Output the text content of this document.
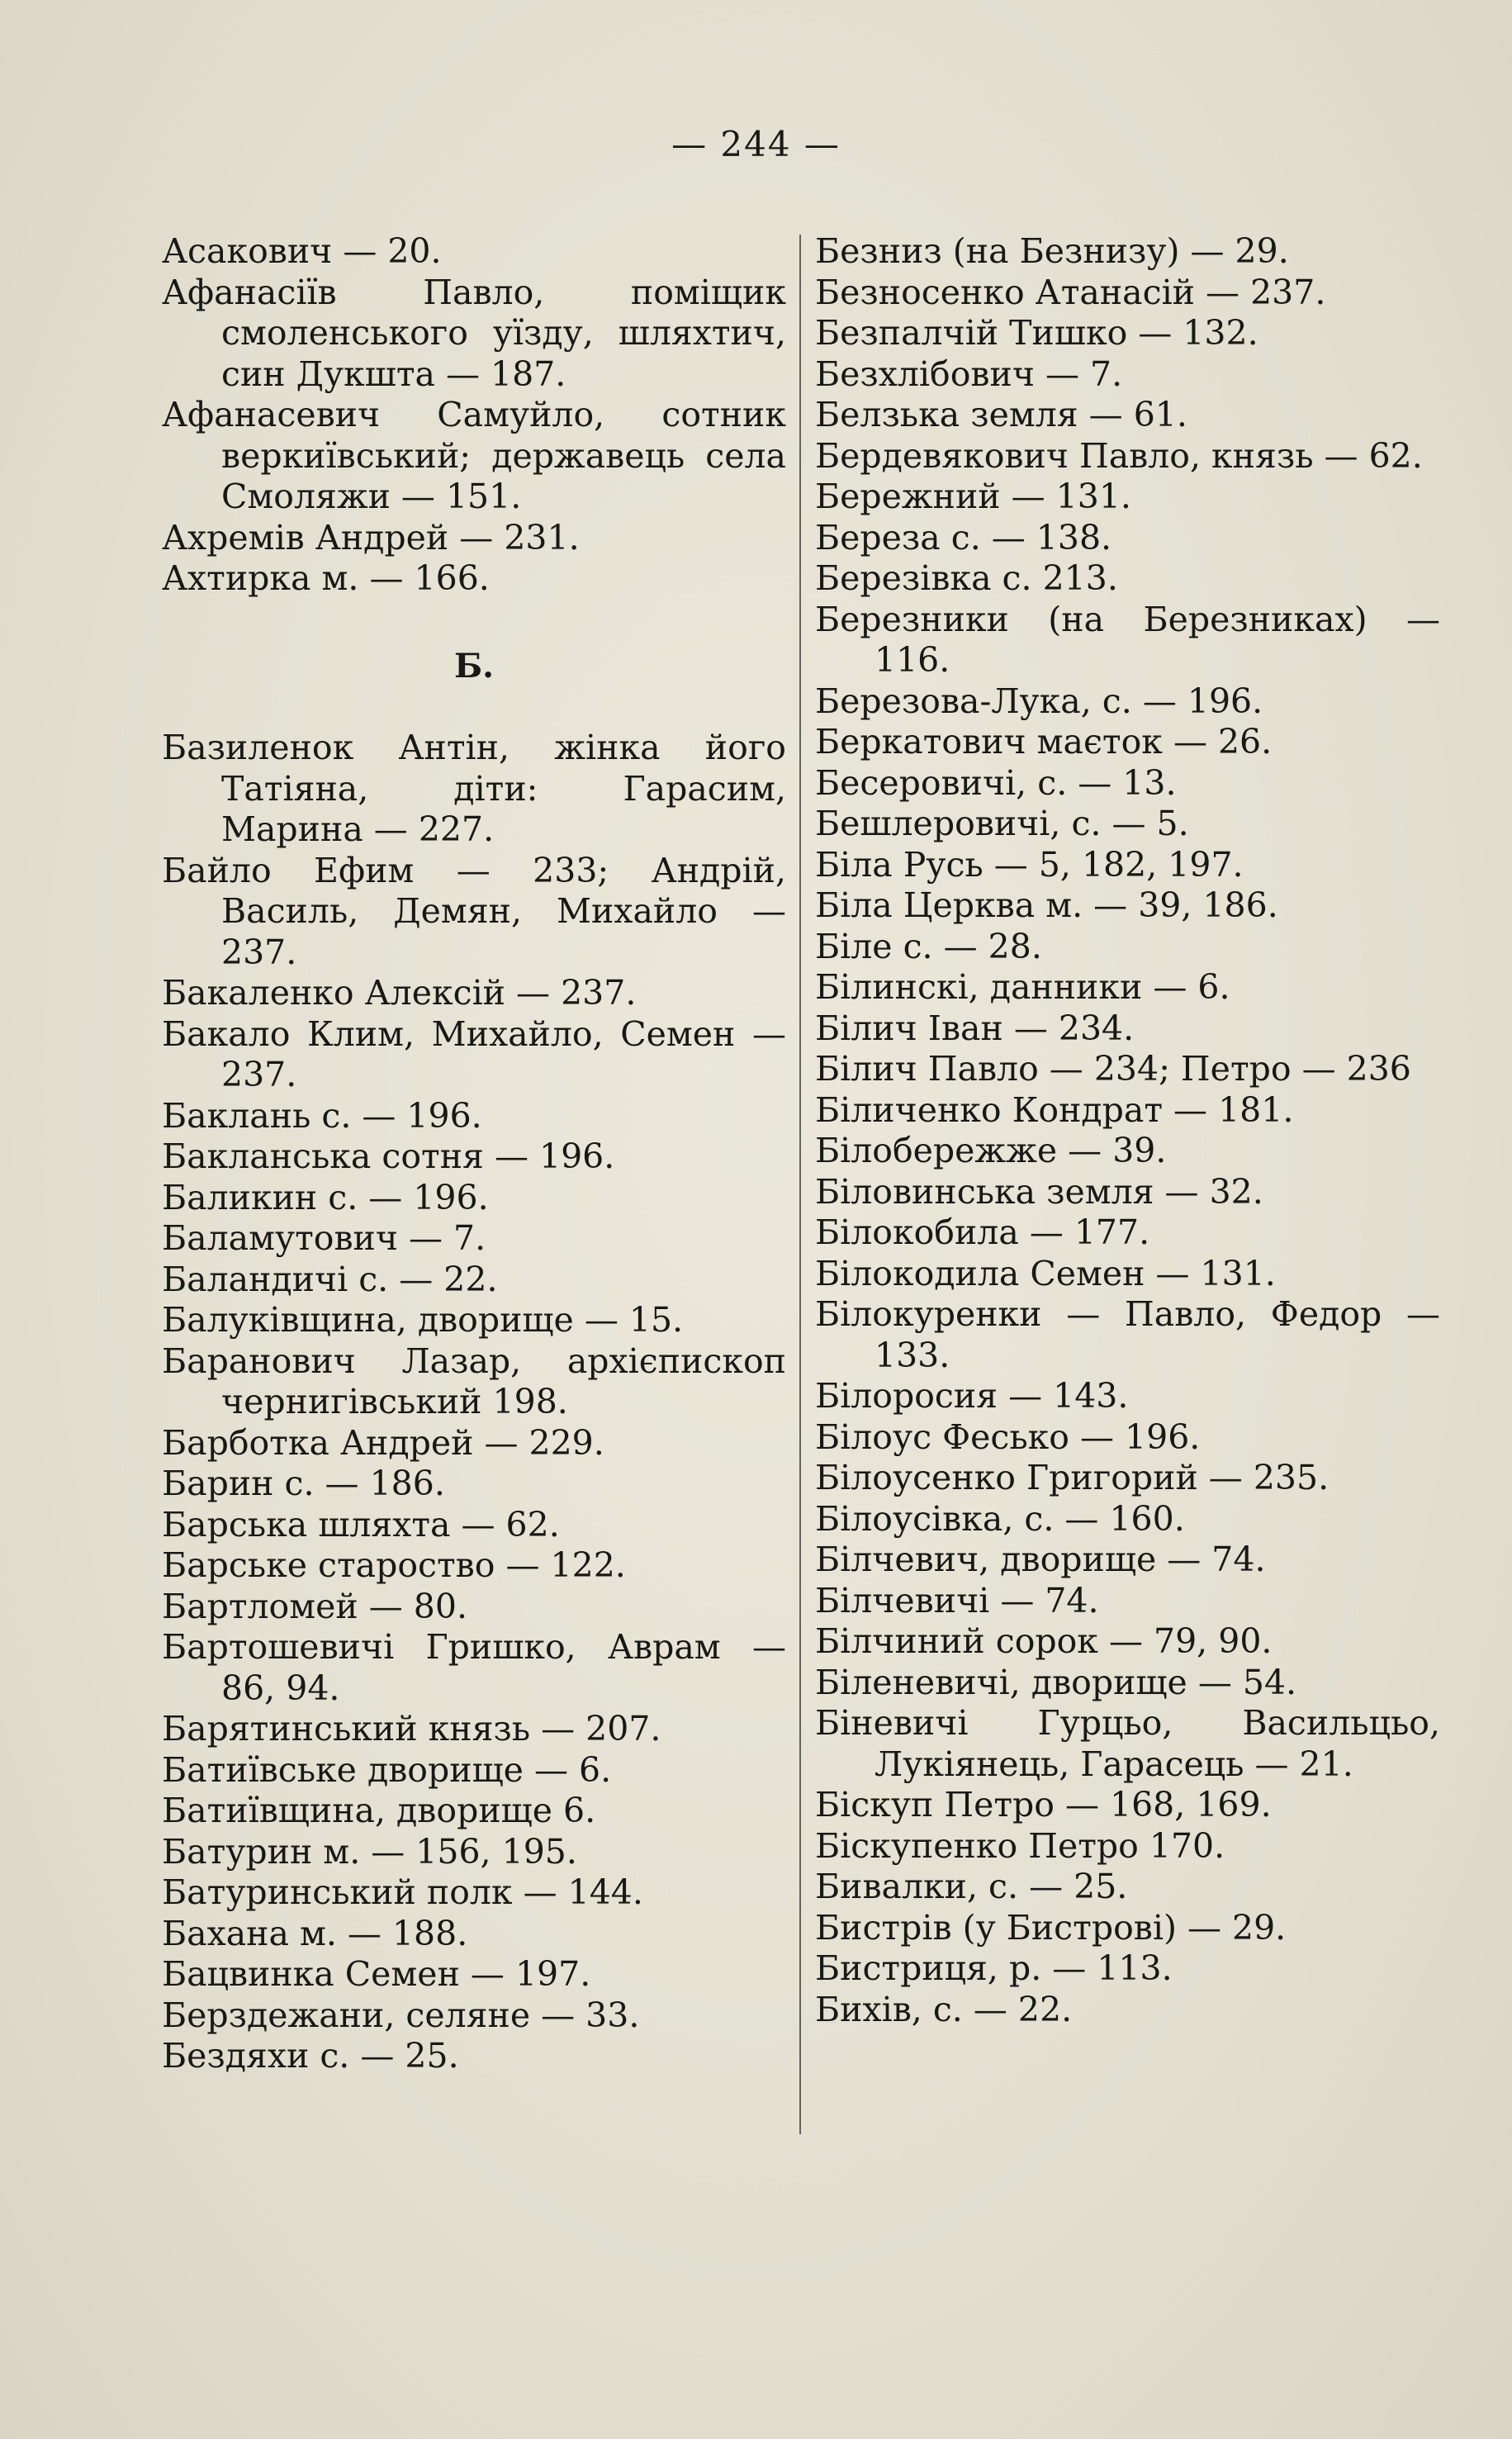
— 244 —
Асакович — 20.
Афанасіїв Павло, поміщик смоленського уїзду, шляхтич, син Дукшта — 187.
Афанасевич Самуйло, сотник веркиївський; державець села Смоляжи — 151.
Ахремів Андрей — 231.
Ахтирка м. — 166.
Б.
Базиленок Антін, жінка його Татіяна, діти: Гарасим, Марина — 227.
Байло Ефим — 233; Андрій, Василь, Демян, Михайло — 237.
Бакаленко Алексій — 237.
Бакало Клим, Михайло, Семен — 237.
Баклань с. — 196.
Бакланська сотня — 196.
Баликин с. — 196.
Баламутович — 7.
Баландичі с. — 22.
Балуківщина, дворище — 15.
Баранович Лазар, архієпископ чернигівський 198.
Барботка Андрей — 229.
Барин с. — 186.
Барська шляхта — 62.
Барське староство — 122.
Бартломей — 80.
Бартошевичі Гришко, Аврам — 86, 94.
Барятинський князь — 207.
Батиївське дворище — 6.
Батиївщина, дворище 6.
Батурин м. — 156, 195.
Батуринський полк — 144.
Бахана м. — 188.
Бацвинка Семен — 197.
Берздежани, селяне — 33.
Бездяхи с. — 25.
Безниз (на Безнизу) — 29.
Безносенко Атанасій — 237.
Безпалчій Тишко — 132.
Безхлібович — 7.
Белзька земля — 61.
Бердевякович Павло, князь — 62.
Бережний — 131.
Береза с. — 138.
Березівка с. 213.
Березники (на Березниках) — 116.
Березова-Лука, с. — 196.
Беркатович маєток — 26.
Бесеровичі, с. — 13.
Бешлеровичі, с. — 5.
Біла Русь — 5, 182, 197.
Біла Церква м. — 39, 186.
Біле с. — 28.
Білинскі, данники — 6.
Білич Іван — 234.
Білич Павло — 234; Петро — 236
Біличенко Кондрат — 181.
Білобережже — 39.
Біловинська земля — 32.
Білокобила — 177.
Білокодила Семен — 131.
Білокуренки — Павло, Федор — 133.
Білоросия — 143.
Білоус Фесько — 196.
Білоусенко Григорий — 235.
Білоусівка, с. — 160.
Білчевич, дворище — 74.
Білчевичі — 74.
Білчиний сорок — 79, 90.
Біленевичі, дворище — 54.
Біневичі Гурцьо, Васильцьо, Лукіянець, Гарасець — 21.
Біскуп Петро — 168, 169.
Біскупенко Петро 170.
Бивалки, с. — 25.
Бистрів (у Бистрові) — 29.
Бистриця, р. — 113.
Бихів, с. — 22.
